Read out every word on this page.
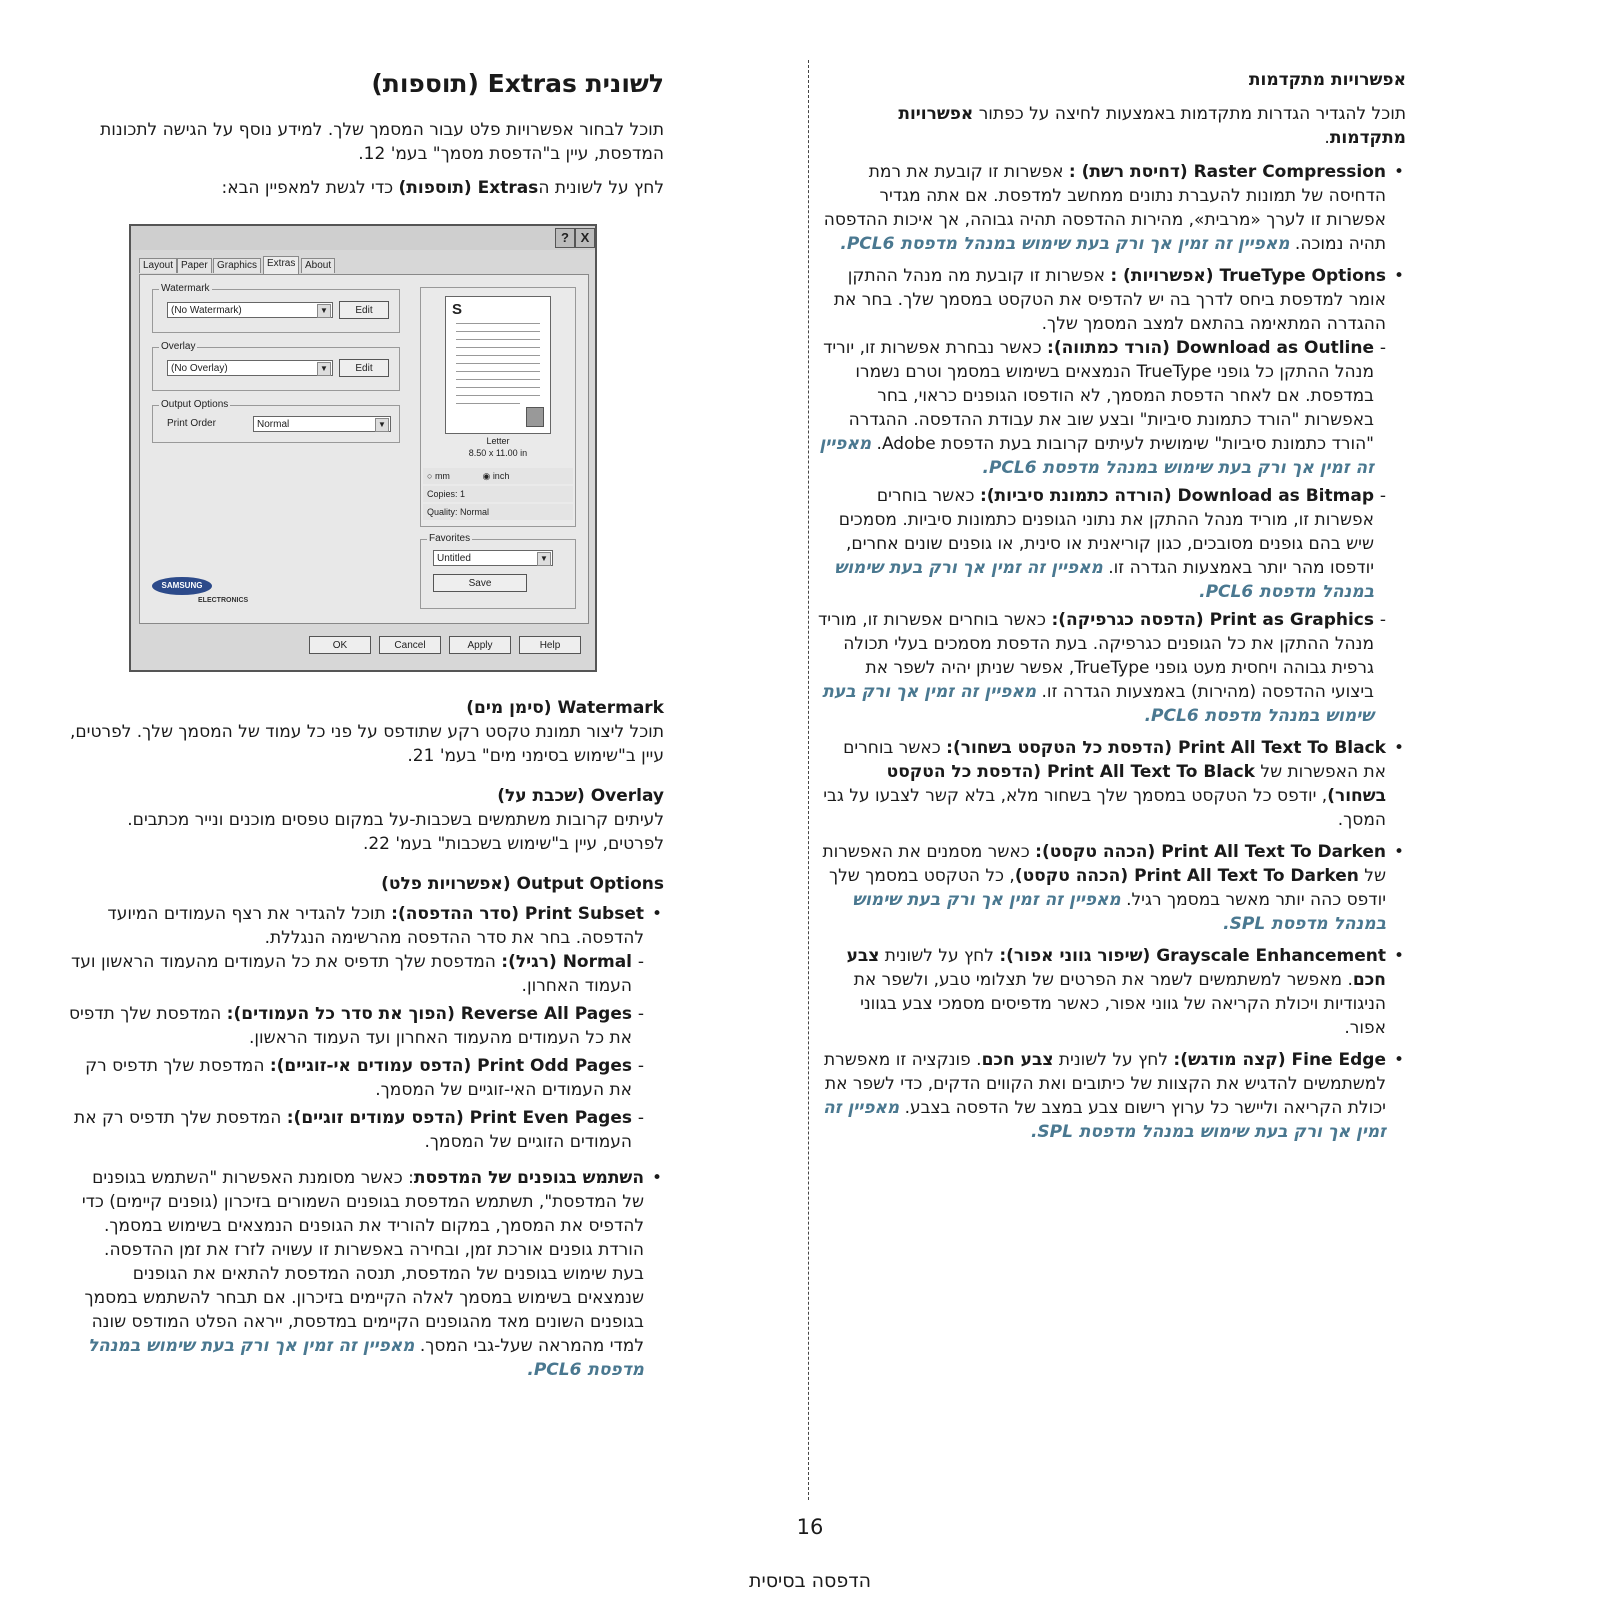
אפשרויות מתקדמות

תוכל להגדיר הגדרות מתקדמות באמצעות לחיצה על כפתור אפשרויות מתקדמות.

• Raster Compression (דחיסת רשת) : אפשרות זו קובעת את רמת הדחיסה של תמונות להעברת נתונים ממחשב למדפסת. אם אתה מגדיר אפשרות זו לערך «מרבית», מהירות ההדפסה תהיה גבוהה, אך איכות ההדפסה תהיה נמוכה. מאפיין זה זמין אך ורק בעת שימוש במנהל מדפסת PCL6.
• TrueType Options (אפשרויות) : אפשרות זו קובעת מה מנהל ההתקן אומר למדפסת ביחס לדרך בה יש להדפיס את הטקסט במסמך שלך. בחר את ההגדרה המתאימה בהתאם למצב המסמך שלך.
-
Download as Outline (הורד כמתווה): כאשר נבחרת אפשרות זו, יוריד מנהל ההתקן כל גופני TrueType הנמצאים בשימוש במסמך וטרם נשמרו במדפסת. אם לאחר הדפסת המסמך, לא הודפסו הגופנים כראוי, בחר באפשרות "הורד כתמונת סיביות" ובצע שוב את עבודת ההדפסה. ההגדרה "הורד כתמונת סיביות" שימושית לעיתים קרובות בעת הדפסת Adobe. מאפיין זה זמין אך ורק בעת שימוש במנהל מדפסת PCL6.
-
Download as Bitmap (הורדה כתמונת סיביות): כאשר בוחרים אפשרות זו, מוריד מנהל ההתקן את נתוני הגופנים כתמונות סיביות. מסמכים שיש בהם גופנים מסובכים, כגון קוריאנית או סינית, או גופנים שונים אחרים, יודפסו מהר יותר באמצעות הגדרה זו. מאפיין זה זמין אך ורק בעת שימוש במנהל מדפסת PCL6.
-
Print as Graphics (הדפסה כגרפיקה): כאשר בוחרים אפשרות זו, מוריד מנהל ההתקן את כל הגופנים כגרפיקה. בעת הדפסת מסמכים בעלי תכולה גרפית גבוהה ויחסית מעט גופני TrueType, אפשר שניתן יהיה לשפר את ביצועי ההדפסה (מהירות) באמצעות הגדרה זו. מאפיין זה זמין אך ורק בעת שימוש במנהל מדפסת PCL6.
• Print All Text To Black (הדפסת כל הטקסט בשחור): כאשר בוחרים את האפשרות של Print All Text To Black (הדפסת כל הטקסט בשחור), יודפס כל הטקסט במסמך שלך בשחור מלא, בלא קשר לצבעו על גבי המסך.
• Print All Text To Darken (הכהה טקסט): כאשר מסמנים את האפשרות של Print All Text To Darken (הכהה טקסט), כל הטקסט במסמך שלך יודפס כהה יותר מאשר במסמך רגיל. מאפיין זה זמין אך ורק בעת שימוש במנהל מדפסת SPL.
• Grayscale Enhancement (שיפור גווני אפור): לחץ על לשונית צבע חכם. מאפשר למשתמשים לשמר את הפרטים של תצלומי טבע, ולשפר את הניגודיות ויכולת הקריאה של גווני אפור, כאשר מדפיסים מסמכי צבע בגווני אפור.
• Fine Edge (קצה מודגש): לחץ על לשונית צבע חכם. פונקציה זו מאפשרת למשתמשים להדגיש את הקצוות של כיתובים ואת הקווים הדקים, כדי לשפר את יכולת הקריאה וליישר כל ערוץ רישום צבע במצב של הדפסה בצבע. מאפיין זה זמין אך ורק בעת שימוש במנהל מדפסת SPL.
לשונית Extras (תוספות)

תוכל לבחור אפשרויות פלט עבור המסמך שלך. למידע נוסף על הגישה לתכונות המדפסת, עיין ב"הדפסת מסמך" בעמ' 12.

לחץ על לשונית הExtras (תוספות) כדי לגשת למאפיין הבא:

Watermark (סימן מים)
תוכל ליצור תמונת טקסט רקע שתודפס על פני כל עמוד של המסמך שלך. לפרטים, עיין ב"שימוש בסימני מים" בעמ' 21.
Overlay (שכבת על)
לעיתים קרובות משתמשים בשכבות-על במקום טפסים מוכנים ונייר מכתבים. לפרטים, עיין ב"שימוש בשכבות" בעמ' 22.
Output Options (אפשרויות פלט)
• Print Subset (סדר ההדפסה): תוכל להגדיר את רצף העמודים המיועד להדפסה. בחר את סדר ההדפסה מהרשימה הנגללת.
-
Normal (רגיל): המדפסת שלך תדפיס את כל העמודים מהעמוד הראשון ועד העמוד האחרון.
-
Reverse All Pages (הפוך את סדר כל העמודים): המדפסת שלך תדפיס את כל העמודים מהעמוד האחרון ועד העמוד הראשון.
-
Print Odd Pages (הדפס עמודים אי-זוגיים): המדפסת שלך תדפיס רק את העמודים האי-זוגיים של המסמך.
-
Print Even Pages (הדפס עמודים זוגיים): המדפסת שלך תדפיס רק את העמודים הזוגיים של המסמך.
• השתמש בגופנים של המדפסת: כאשר מסומנת האפשרות "השתמש בגופנים של המדפסת", תשתמש המדפסת בגופנים השמורים בזיכרון (גופנים קיימים) כדי להדפיס את המסמך, במקום להוריד את הגופנים הנמצאים בשימוש במסמך. הורדת גופנים אורכת זמן, ובחירה באפשרות זו עשויה לזרז את זמן ההדפסה. בעת שימוש בגופנים של המדפסת, תנסה המדפסת להתאים את הגופנים שנמצאים בשימוש במסמך לאלה הקיימים בזיכרון. אם תבחר להשתמש במסמך בגופנים השונים מאד מהגופנים הקיימים במדפסת, ייראה הפלט המודפס שונה למדי מהמראה שעל-גבי המסך. מאפיין זה זמין אך ורק בעת שימוש במנהל מדפסת PCL6.
? X
Layout Paper Graphics Extras About
Watermark
(No Watermark)	▼	Edit
Overlay
(No Overlay)	▼	Edit
Output Options
Print Order	Normal	▼
S
Letter
8.50 x 11.00 in
○ mm	◉ inch
Copies: 1
Quality: Normal
Favorites
Untitled	▼
Save
SAMSUNG
ELECTRONICS
OK	Cancel	Apply	Help
16
הדפסה בסיסית
